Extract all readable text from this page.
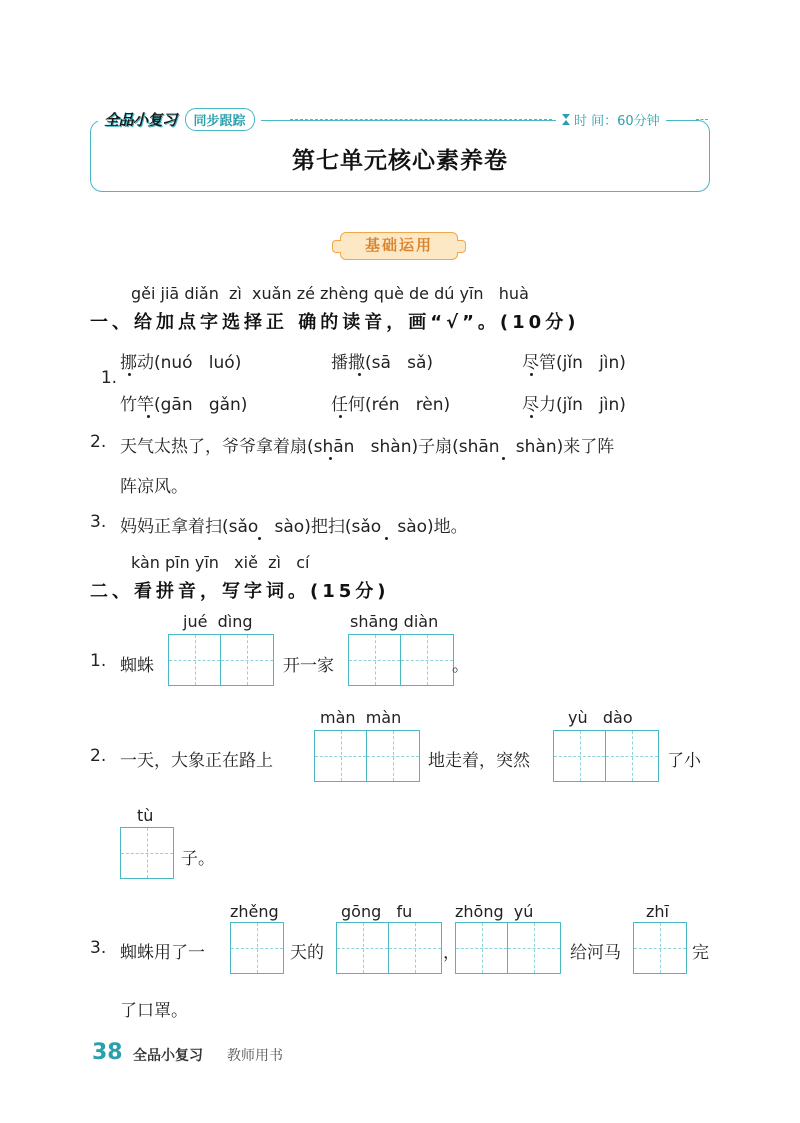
全品小复习	同步跟踪	时 间：60分钟
第七单元核心素养卷
基础运用
gěi jiā diǎn  zì  xuǎn zé zhèng què de dú yīn   huà
一、给加点字选择正 确的读音，画“√”。(10分)

1.

挪动(nuó   luó)	播撒(sā   sǎ)	尽管(jǐn   jìn)
竹竿(gān   gǎn)	任何(rén   rèn)	尽力(jǐn   jìn)
2. 天气太热了，爷爷拿着扇(shān   shàn)子扇(shān   shàn)来了阵
阵凉风。
3. 妈妈正拿着扫(sǎo   sào)把扫(sǎo   sào)地。
kàn pīn yīn   xiě  zì   cí
二、看拼音，写字词。(15分)
jué  dìng	shāng diàn
1. 蜘蛛	开一家	。
màn  màn	yù   dào
2. 一天，大象正在路上	地走着，突然	了小
tù
子。
zhěng	gōng   fu	zhōng  yú	zhī
3. 蜘蛛用了一	天的	，	给河马	完
了口罩。
38 全品小复习 教师用书
